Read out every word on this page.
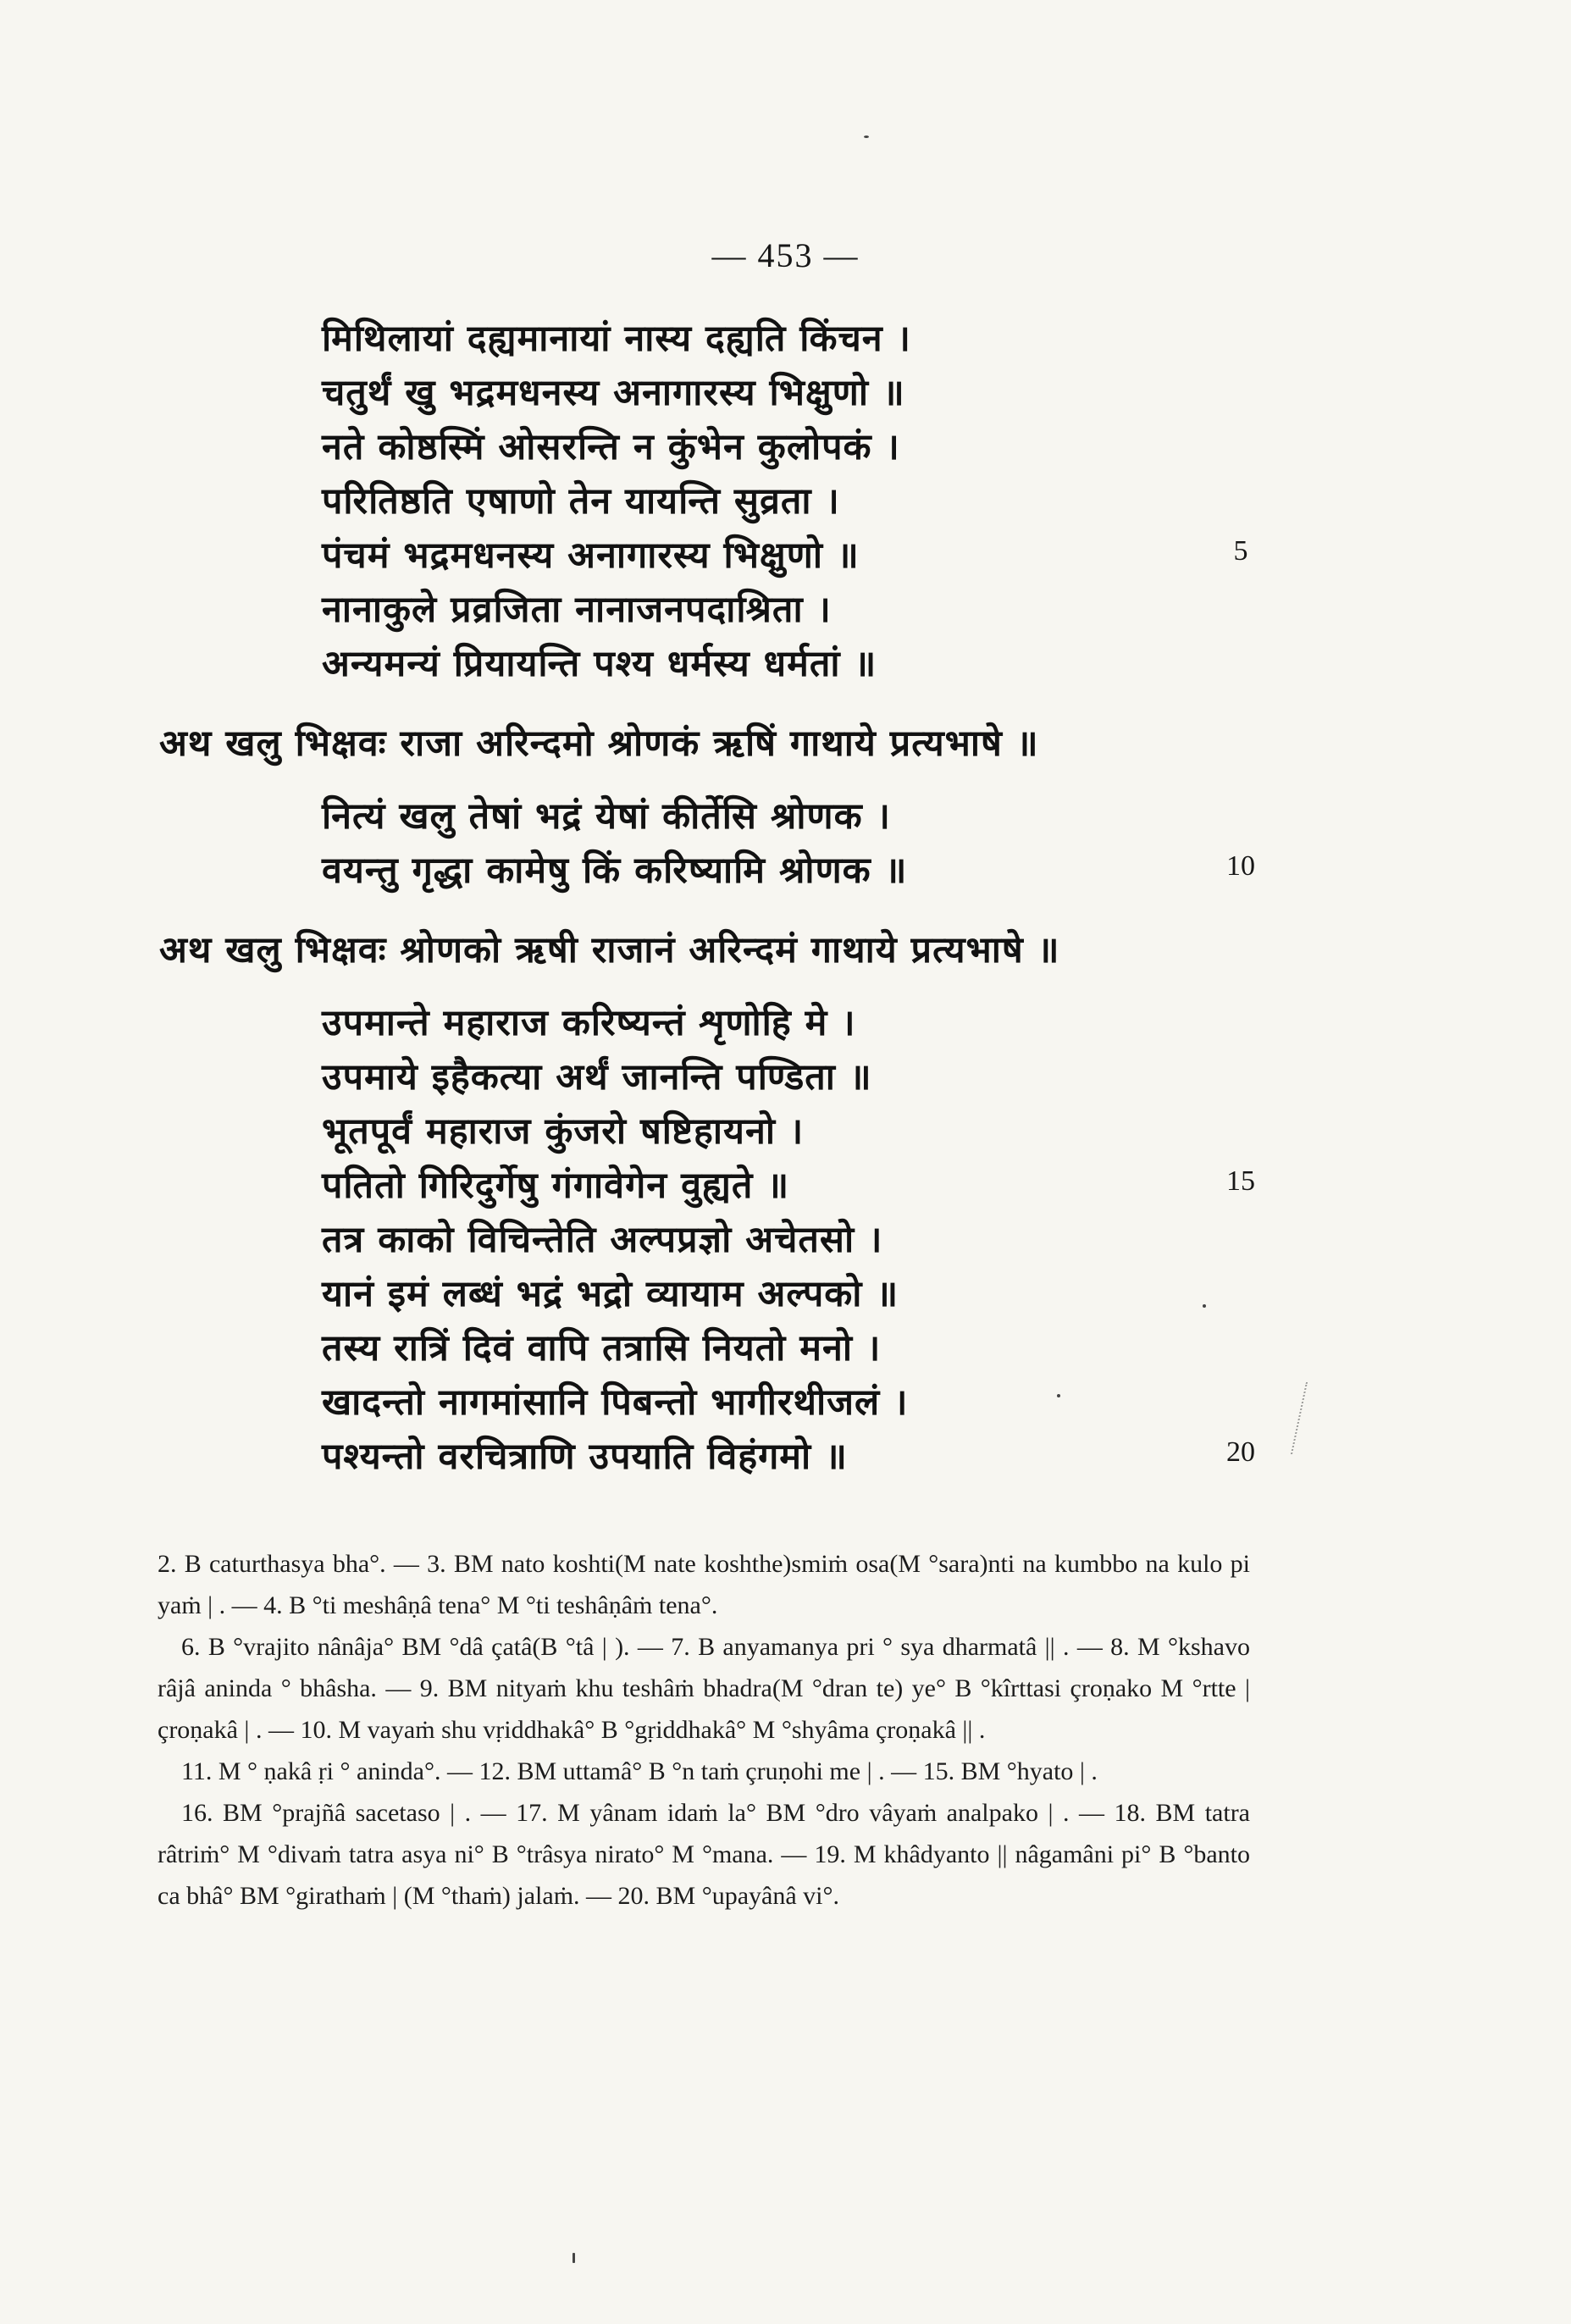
— 453 —
मिथिलायां दह्यमानायां नास्य दह्यति किंचन ।
चतुर्थं खु भद्रमधनस्य अनागारस्य भिक्षुणो ॥
नते कोष्ठस्मिं ओसरन्ति न कुंभेन कुलोपकं ।
परितिष्ठति एषाणो तेन यायन्ति सुव्रता ।
पंचमं भद्रमधनस्य अनागारस्य भिक्षुणो ॥	5
नानाकुले प्रव्रजिता नानाजनपदाश्रिता ।
अन्यमन्यं प्रियायन्ति पश्य धर्मस्य धर्मतां ॥
अथ खलु भिक्षवः राजा अरिन्दमो श्रोणकं ऋषिं गाथाये प्रत्यभाषे ॥
नित्यं खलु तेषां भद्रं येषां कीर्तेसि श्रोणक ।
वयन्तु गृद्धा कामेषु किं करिष्यामि श्रोणक ॥	10
अथ खलु भिक्षवः श्रोणको ऋषी राजानं अरिन्दमं गाथाये प्रत्यभाषे ॥
उपमान्ते महाराज करिष्यन्तं शृणोहि मे ।
उपमाये इहैकत्या अर्थं जानन्ति पण्डिता ॥
भूतपूर्वं महाराज कुंजरो षष्टिहायनो ।
पतितो गिरिदुर्गेषु गंगावेगेन वुह्यते ॥	15
तत्र काको विचिन्तेति अल्पप्रज्ञो अचेतसो ।
यानं इमं लब्धं भद्रं भद्रो व्यायाम अल्पको ॥
तस्य रात्रिं दिवं वापि तत्रासि नियतो मनो ।
खादन्तो नागमांसानि पिबन्तो भागीरथीजलं ।
पश्यन्तो वरचित्राणि उपयाति विहंगमो ॥	20

2. B caturthasya bha°. — 3. BM nato koshti(M nate koshthe)smiṁ osa(M °sara)nti na kumbbo na kulo pi yaṁ | . — 4. B °ti meshâṇâ tena° M °ti teshâṇâṁ tena°.

6. B °vrajito nânâja° BM °dâ çatâ(B °tâ | ). — 7. B anyamanya pri ° sya dharmatâ || . — 8. M °kshavo râjâ aninda ° bhâsha. — 9. BM nityaṁ khu teshâṁ bhadra(M °dran te) ye° B °kîrttasi çroṇako M °rtte | çroṇakâ | . — 10. M vayaṁ shu vṛiddhakâ° B °gṛiddhakâ° M °shyâma çroṇakâ || .

11. M ° ṇakâ ṛi ° aninda°. — 12. BM uttamâ° B °n taṁ çruṇohi me | . — 15. BM °hyato | .

16. BM °prajñâ sacetaso | . — 17. M yânam idaṁ la° BM °dro vâyaṁ analpako | . — 18. BM tatra râtriṁ° M °divaṁ tatra asya ni° B °trâsya nirato° M °mana. — 19. M khâdyanto || nâgamâni pi° B °banto ca bhâ° BM °girathaṁ | (M °thaṁ) jalaṁ. — 20. BM °upayânâ vi°.
